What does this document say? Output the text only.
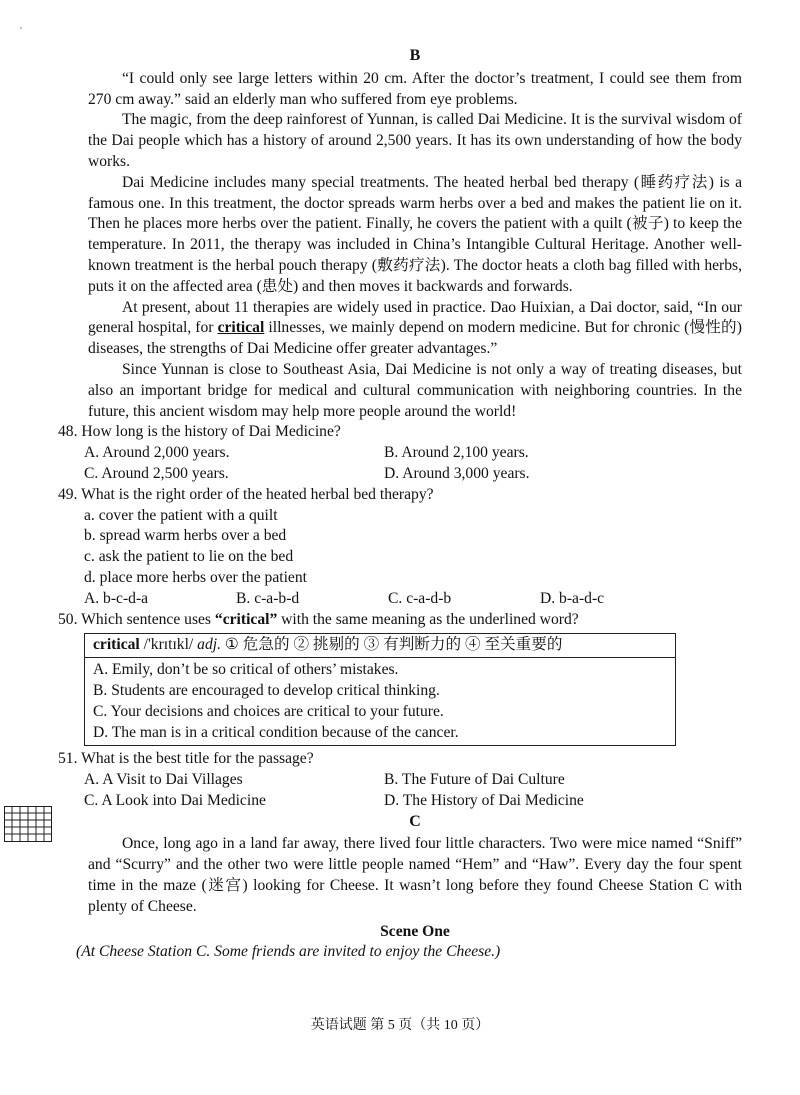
′
B

“I could only see large letters within 20 cm. After the doctor’s treatment, I could see them from 270 cm away.” said an elderly man who suffered from eye problems.

The magic, from the deep rainforest of Yunnan, is called Dai Medicine. It is the survival wisdom of the Dai people which has a history of around 2,500 years. It has its own understanding of how the body works.

Dai Medicine includes many special treatments. The heated herbal bed therapy (睡药疗法) is a famous one. In this treatment, the doctor spreads warm herbs over a bed and makes the patient lie on it. Then he places more herbs over the patient. Finally, he covers the patient with a quilt (被子) to keep the temperature. In 2011, the therapy was included in China’s Intangible Cultural Heritage. Another well-known treatment is the herbal pouch therapy (敷药疗法). The doctor heats a cloth bag filled with herbs, puts it on the affected area (患处) and then moves it backwards and forwards.

At present, about 11 therapies are widely used in practice. Dao Huixian, a Dai doctor, said, “In our general hospital, for critical illnesses, we mainly depend on modern medicine. But for chronic (慢性的) diseases, the strengths of Dai Medicine offer greater advantages.”

Since Yunnan is close to Southeast Asia, Dai Medicine is not only a way of treating diseases, but also an important bridge for medical and cultural communication with neighboring countries. In the future, this ancient wisdom may help more people around the world!

48. How long is the history of Dai Medicine?
A. Around 2,000 years.	B. Around 2,100 years.
C. Around 2,500 years.	D. Around 3,000 years.
49. What is the right order of the heated herbal bed therapy?
a. cover the patient with a quilt
b. spread warm herbs over a bed
c. ask the patient to lie on the bed
d. place more herbs over the patient
A. b-c-d-a	B. c-a-b-d	C. c-a-d-b	D. b-a-d-c
50. Which sentence uses “critical” with the same meaning as the underlined word?
critical /'krɪtɪkl/ adj. ① 危急的 ② 挑剔的 ③ 有判断力的 ④ 至关重要的
A. Emily, don’t be so critical of others’ mistakes.
B. Students are encouraged to develop critical thinking.
C. Your decisions and choices are critical to your future.
D. The man is in a critical condition because of the cancer.
51. What is the best title for the passage?
A. A Visit to Dai Villages	B. The Future of Dai Culture
C. A Look into Dai Medicine	D. The History of Dai Medicine
C

Once, long ago in a land far away, there lived four little characters. Two were mice named “Sniff” and “Scurry” and the other two were little people named “Hem” and “Haw”. Every day the four spent time in the maze (迷宫) looking for Cheese. It wasn’t long before they found Cheese Station C with plenty of Cheese.

Scene One
(At Cheese Station C. Some friends are invited to enjoy the Cheese.)
英语试题 第 5 页（共 10 页）
